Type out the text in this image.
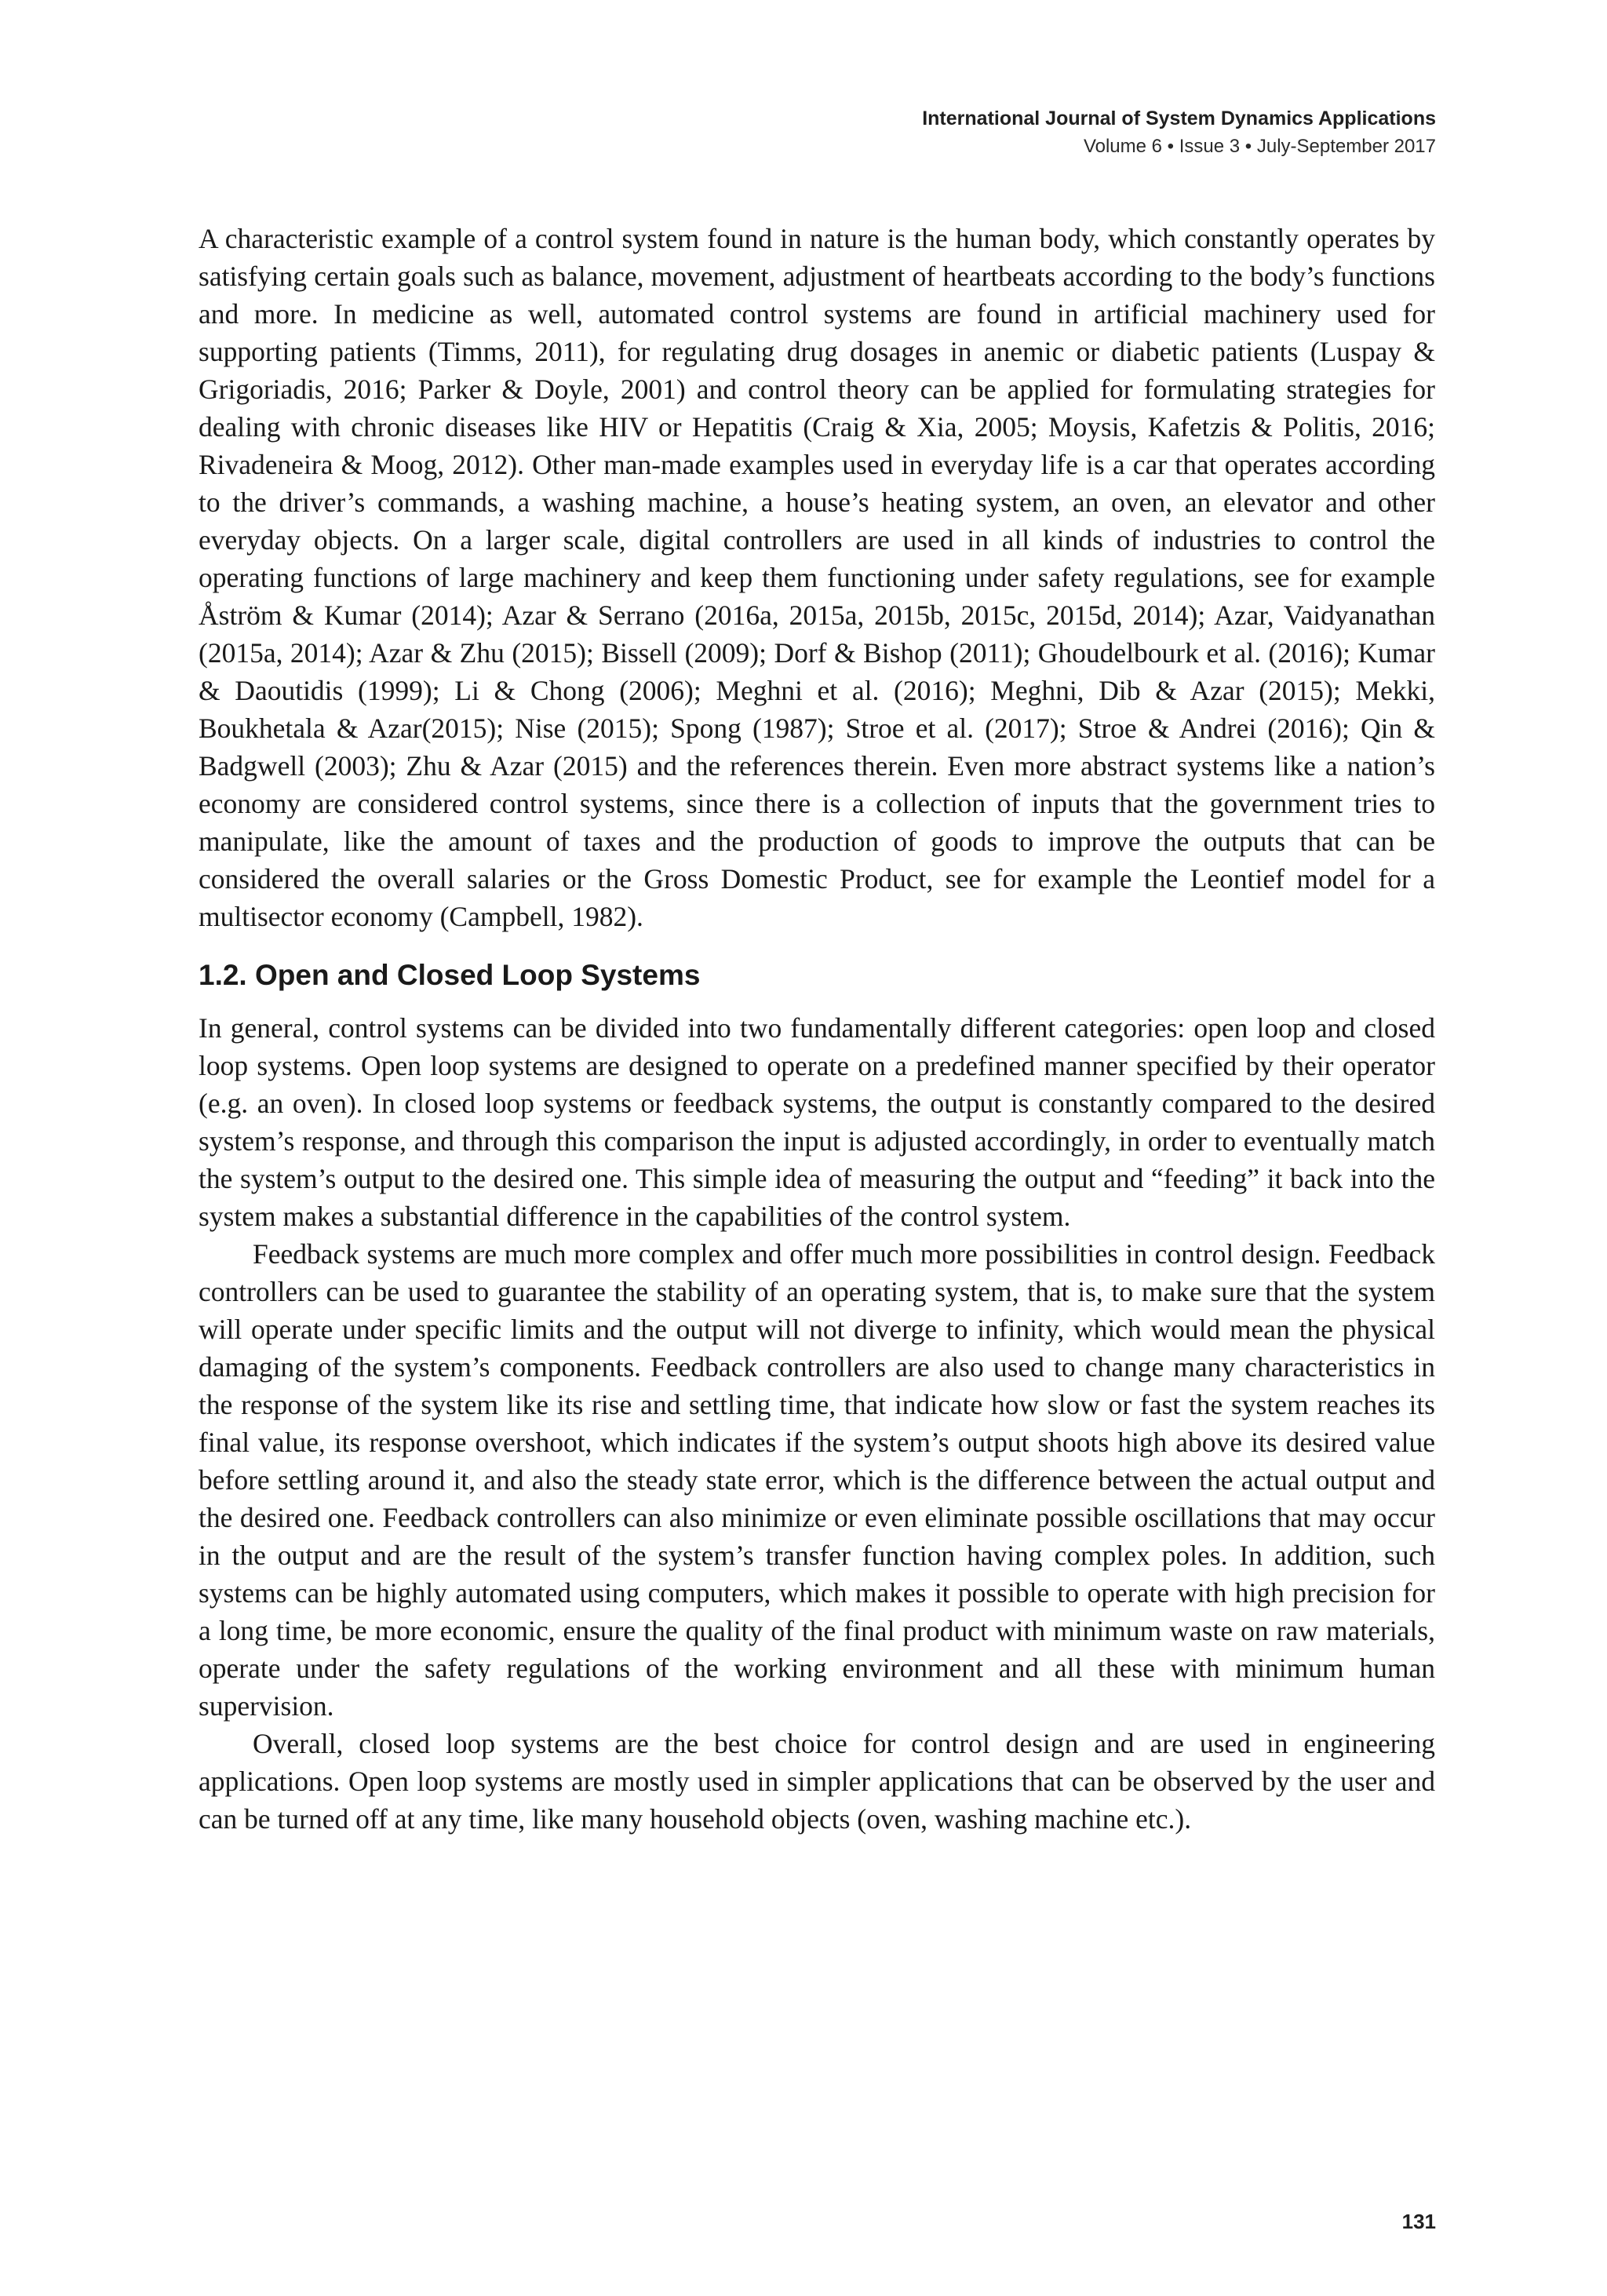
International Journal of System Dynamics Applications
Volume 6 • Issue 3 • July-September 2017

A characteristic example of a control system found in nature is the human body, which constantly operates by satisfying certain goals such as balance, movement, adjustment of heartbeats according to the body’s functions and more. In medicine as well, automated control systems are found in artificial machinery used for supporting patients (Timms, 2011), for regulating drug dosages in anemic or diabetic patients (Luspay & Grigoriadis, 2016; Parker & Doyle, 2001) and control theory can be applied for formulating strategies for dealing with chronic diseases like HIV or Hepatitis (Craig & Xia, 2005; Moysis, Kafetzis & Politis, 2016; Rivadeneira & Moog, 2012). Other man-made examples used in everyday life is a car that operates according to the driver’s commands, a washing machine, a house’s heating system, an oven, an elevator and other everyday objects. On a larger scale, digital controllers are used in all kinds of industries to control the operating functions of large machinery and keep them functioning under safety regulations, see for example Åström & Kumar (2014); Azar & Serrano (2016a, 2015a, 2015b, 2015c, 2015d, 2014); Azar, Vaidyanathan (2015a, 2014); Azar & Zhu (2015); Bissell (2009); Dorf & Bishop (2011); Ghoudelbourk et al. (2016); Kumar & Daoutidis (1999); Li & Chong (2006); Meghni et al. (2016); Meghni, Dib & Azar (2015); Mekki, Boukhetala & Azar(2015); Nise (2015); Spong (1987); Stroe et al. (2017); Stroe & Andrei (2016); Qin & Badgwell (2003); Zhu & Azar (2015) and the references therein. Even more abstract systems like a nation’s economy are considered control systems, since there is a collection of inputs that the government tries to manipulate, like the amount of taxes and the production of goods to improve the outputs that can be considered the overall salaries or the Gross Domestic Product, see for example the Leontief model for a multisector economy (Campbell, 1982).

1.2. Open and Closed Loop Systems

In general, control systems can be divided into two fundamentally different categories: open loop and closed loop systems. Open loop systems are designed to operate on a predefined manner specified by their operator (e.g. an oven). In closed loop systems or feedback systems, the output is constantly compared to the desired system’s response, and through this comparison the input is adjusted accordingly, in order to eventually match the system’s output to the desired one. This simple idea of measuring the output and “feeding” it back into the system makes a substantial difference in the capabilities of the control system.

Feedback systems are much more complex and offer much more possibilities in control design. Feedback controllers can be used to guarantee the stability of an operating system, that is, to make sure that the system will operate under specific limits and the output will not diverge to infinity, which would mean the physical damaging of the system’s components. Feedback controllers are also used to change many characteristics in the response of the system like its rise and settling time, that indicate how slow or fast the system reaches its final value, its response overshoot, which indicates if the system’s output shoots high above its desired value before settling around it, and also the steady state error, which is the difference between the actual output and the desired one. Feedback controllers can also minimize or even eliminate possible oscillations that may occur in the output and are the result of the system’s transfer function having complex poles. In addition, such systems can be highly automated using computers, which makes it possible to operate with high precision for a long time, be more economic, ensure the quality of the final product with minimum waste on raw materials, operate under the safety regulations of the working environment and all these with minimum human supervision.

Overall, closed loop systems are the best choice for control design and are used in engineering applications. Open loop systems are mostly used in simpler applications that can be observed by the user and can be turned off at any time, like many household objects (oven, washing machine etc.).

131
